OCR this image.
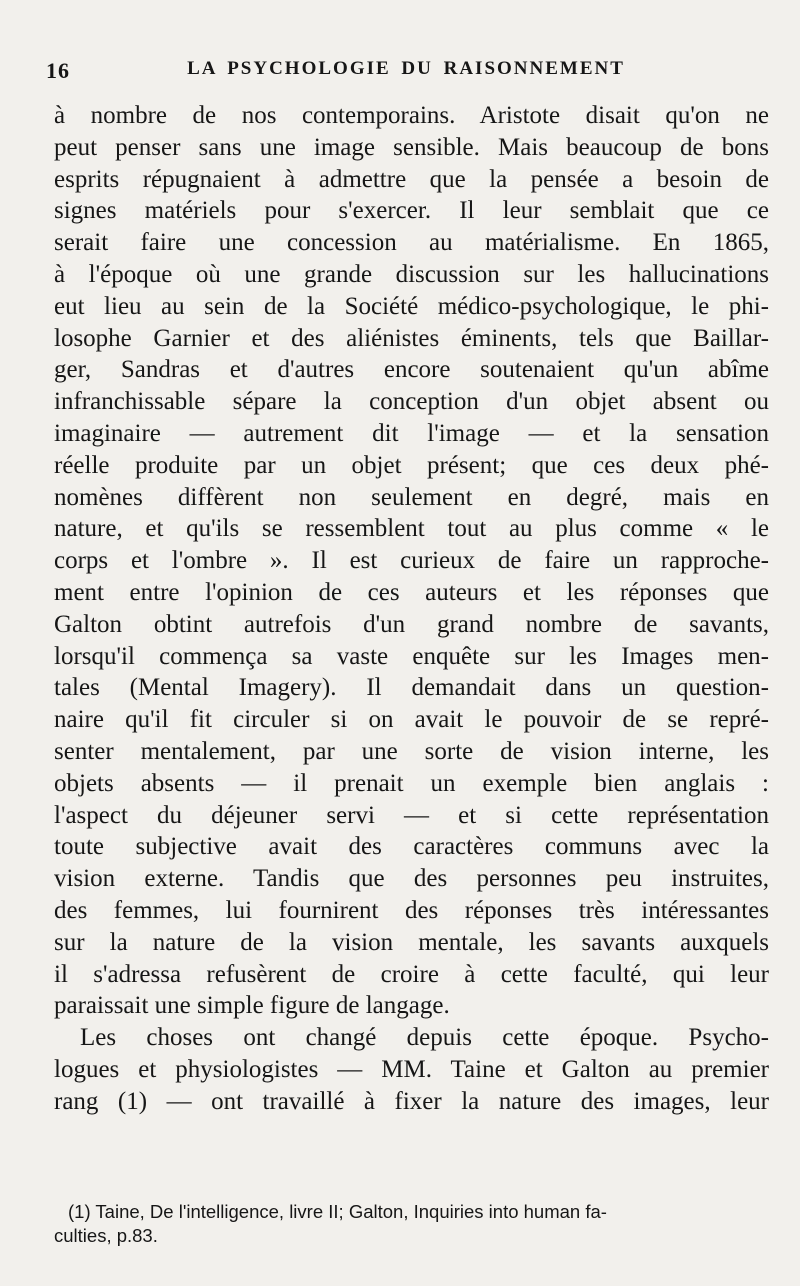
16	LA PSYCHOLOGIE DU RAISONNEMENT
à nombre de nos contemporains. Aristote disait qu'on ne
peut penser sans une image sensible. Mais beaucoup de bons
esprits répugnaient à admettre que la pensée a besoin de
signes matériels pour s'exercer. Il leur semblait que ce
serait faire une concession au matérialisme. En 1865,
à l'époque où une grande discussion sur les hallucinations
eut lieu au sein de la Société médico-psychologique, le phi-
losophe Garnier et des aliénistes éminents, tels que Baillar-
ger, Sandras et d'autres encore soutenaient qu'un abîme
infranchissable sépare la conception d'un objet absent ou
imaginaire — autrement dit l'image — et la sensation
réelle produite par un objet présent; que ces deux phé-
nomènes diffèrent non seulement en degré, mais en
nature, et qu'ils se ressemblent tout au plus comme « le
corps et l'ombre ». Il est curieux de faire un rapproche-
ment entre l'opinion de ces auteurs et les réponses que
Galton obtint autrefois d'un grand nombre de savants,
lorsqu'il commença sa vaste enquête sur les Images men-
tales (Mental Imagery). Il demandait dans un question-
naire qu'il fit circuler si on avait le pouvoir de se repré-
senter mentalement, par une sorte de vision interne, les
objets absents — il prenait un exemple bien anglais :
l'aspect du déjeuner servi — et si cette représentation
toute subjective avait des caractères communs avec la
vision externe. Tandis que des personnes peu instruites,
des femmes, lui fournirent des réponses très intéressantes
sur la nature de la vision mentale, les savants auxquels
il s'adressa refusèrent de croire à cette faculté, qui leur
paraissait une simple figure de langage.
Les choses ont changé depuis cette époque. Psycho-
logues et physiologistes — MM. Taine et Galton au premier
rang (1) — ont travaillé à fixer la nature des images, leur
(1) Taine, De l'intelligence, livre II; Galton, Inquiries into human fa-
culties, p.83.
